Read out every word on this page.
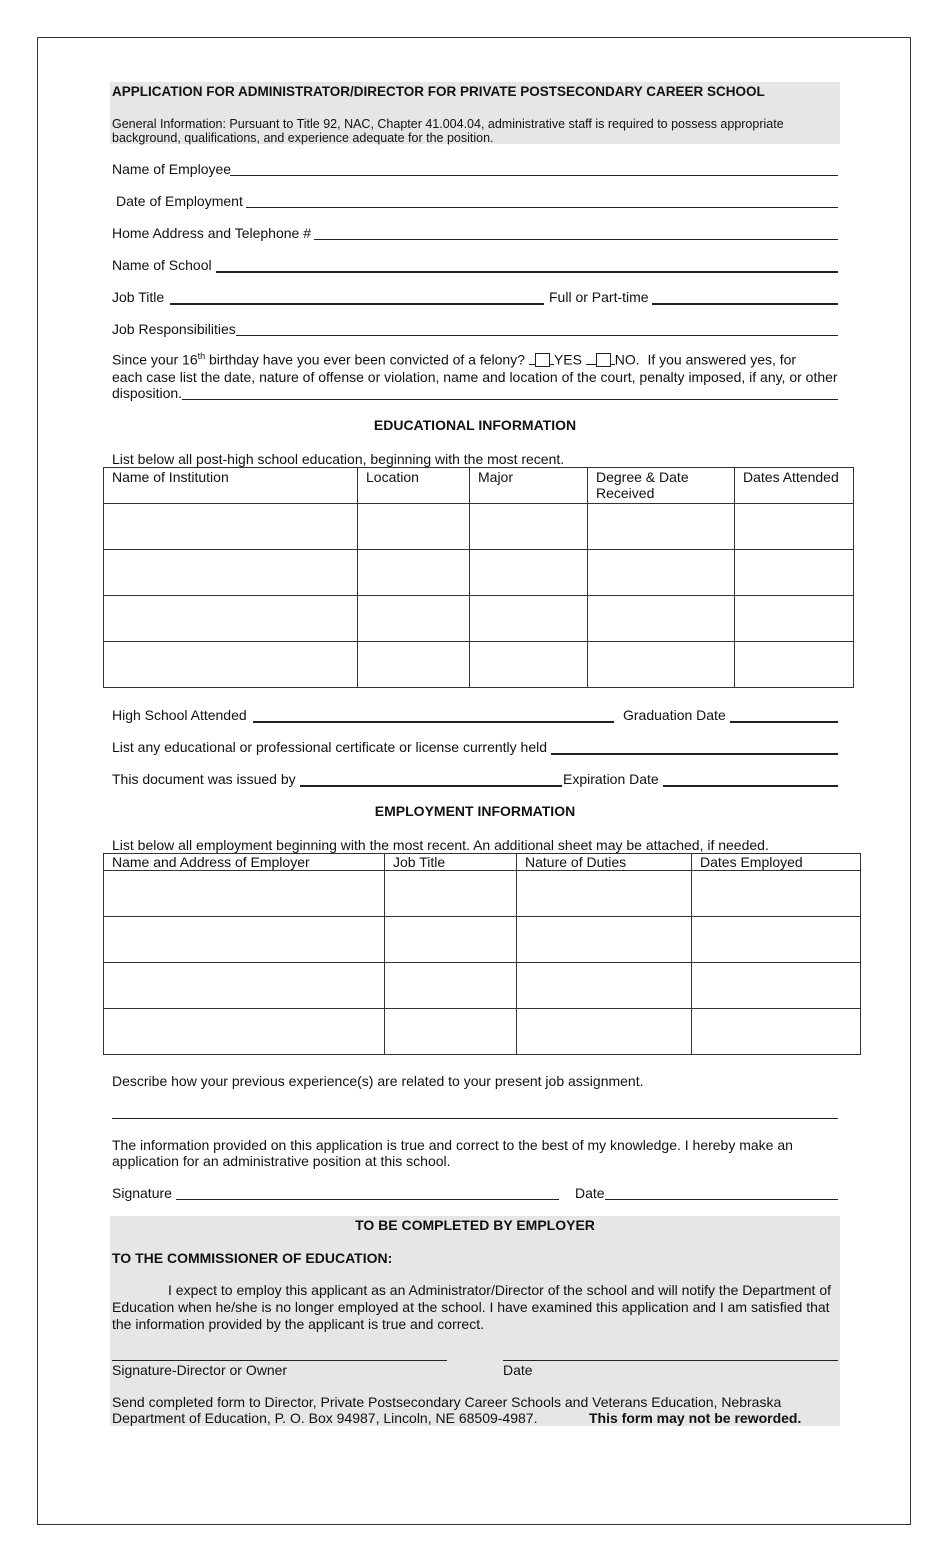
APPLICATION FOR ADMINISTRATOR/DIRECTOR FOR PRIVATE POSTSECONDARY CAREER SCHOOL
General Information: Pursuant to Title 92, NAC, Chapter 41.004.04, administrative staff is required to possess appropriate background, qualifications, and experience adequate for the position.
Name of Employee
Date of Employment
Home Address and Telephone #
Name of School
Job Title	Full or Part-time
Job Responsibilities
Since your 16th birthday have you ever been convicted of a felony? YES NO. If you answered yes, for
each case list the date, nature of offense or violation, name and location of the court, penalty imposed, if any, or other
disposition.
EDUCATIONAL INFORMATION
List below all post-high school education, beginning with the most recent.
Name of Institution	Location	Major	Degree & Date Received	Dates Attended

High School Attended	Graduation Date
List any educational or professional certificate or license currently held
This document was issued by	Expiration Date
EMPLOYMENT INFORMATION
List below all employment beginning with the most recent. An additional sheet may be attached, if needed.
Name and Address of Employer	Job Title	Nature of Duties	Dates Employed

Describe how your previous experience(s) are related to your present job assignment.
The information provided on this application is true and correct to the best of my knowledge. I hereby make an application for an administrative position at this school.
Signature	Date
TO BE COMPLETED BY EMPLOYER
TO THE COMMISSIONER OF EDUCATION:
I expect to employ this applicant as an Administrator/Director of the school and will notify the Department of Education when he/she is no longer employed at the school. I have examined this application and I am satisfied that the information provided by the applicant is true and correct.
Signature-Director or Owner	Date
Send completed form to Director, Private Postsecondary Career Schools and Veterans Education, Nebraska
Department of Education, P. O. Box 94987, Lincoln, NE 68509-4987.	This form may not be reworded.
